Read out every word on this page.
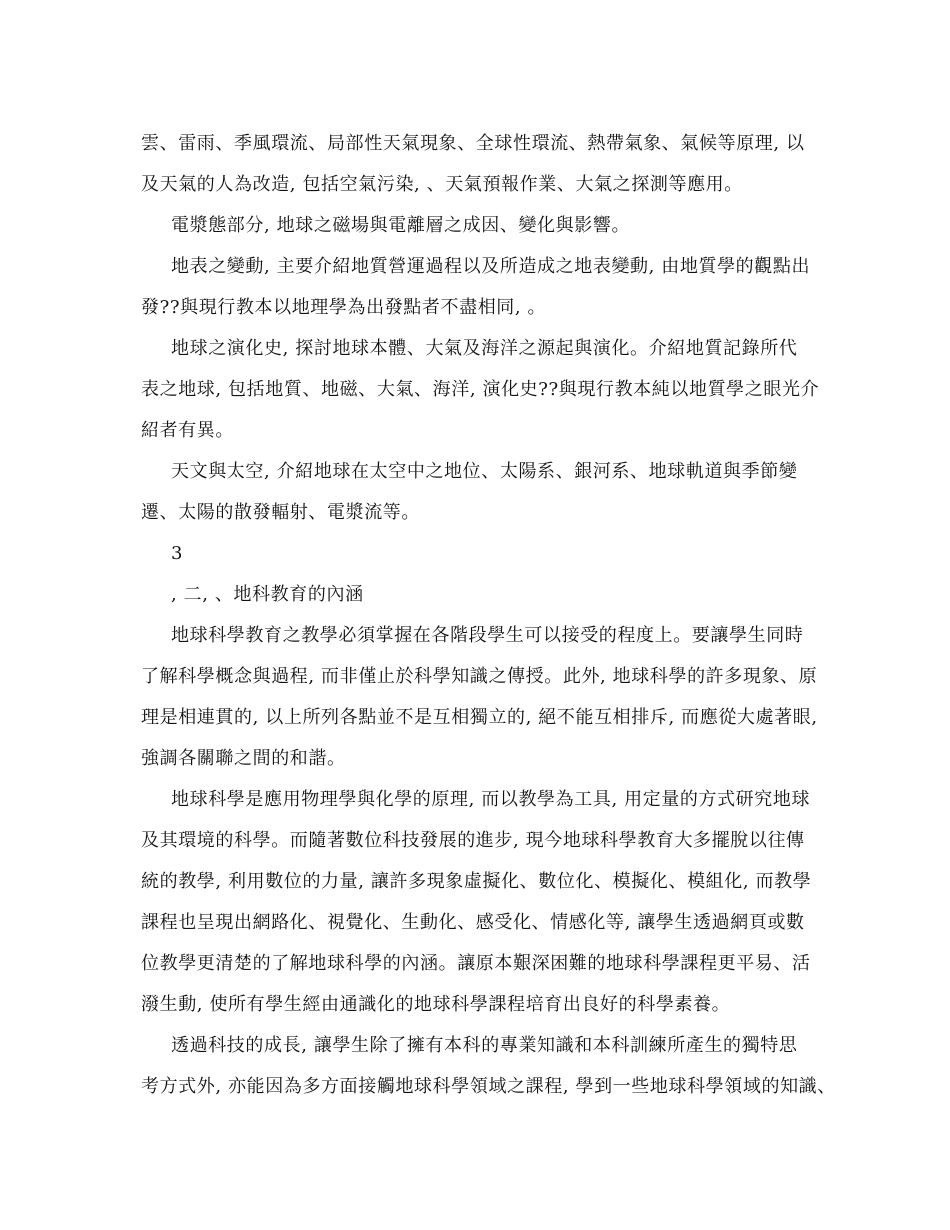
雲、雷雨、季風環流、局部性天氣現象、全球性環流、熱帶氣象、氣候等原理, 以
及天氣的人為改造, 包括空氣污染, 、天氣預報作業、大氣之探測等應用。
電漿態部分, 地球之磁場與電離層之成因、變化與影響。
地表之變動, 主要介紹地質營運過程以及所造成之地表變動, 由地質學的觀點出
發??與現行教本以地理學為出發點者不盡相同, 。
地球之演化史, 探討地球本體、大氣及海洋之源起與演化。介紹地質記錄所代
表之地球, 包括地質、地磁、大氣、海洋, 演化史??與現行教本純以地質學之眼光介
紹者有異。
天文與太空, 介紹地球在太空中之地位、太陽系、銀河系、地球軌道與季節變
遷、太陽的散發輻射、電漿流等。
3
, 二, 、地科教育的內涵
地球科學教育之教學必須掌握在各階段學生可以接受的程度上。要讓學生同時
了解科學概念與過程, 而非僅止於科學知識之傳授。此外, 地球科學的許多現象、原
理是相連貫的, 以上所列各點並不是互相獨立的, 絕不能互相排斥, 而應從大處著眼,
強調各關聯之間的和諧。
地球科學是應用物理學與化學的原理, 而以教學為工具, 用定量的方式研究地球
及其環境的科學。而隨著數位科技發展的進步, 現今地球科學教育大多擺脫以往傳
統的教學, 利用數位的力量, 讓許多現象虛擬化、數位化、模擬化、模組化, 而教學
課程也呈現出網路化、視覺化、生動化、感受化、情感化等, 讓學生透過網頁或數
位教學更清楚的了解地球科學的內涵。讓原本艱深困難的地球科學課程更平易、活
潑生動, 使所有學生經由通識化的地球科學課程培育出良好的科學素養。
透過科技的成長, 讓學生除了擁有本科的專業知識和本科訓練所產生的獨特思
考方式外, 亦能因為多方面接觸地球科學領域之課程, 學到一些地球科學領域的知識、
